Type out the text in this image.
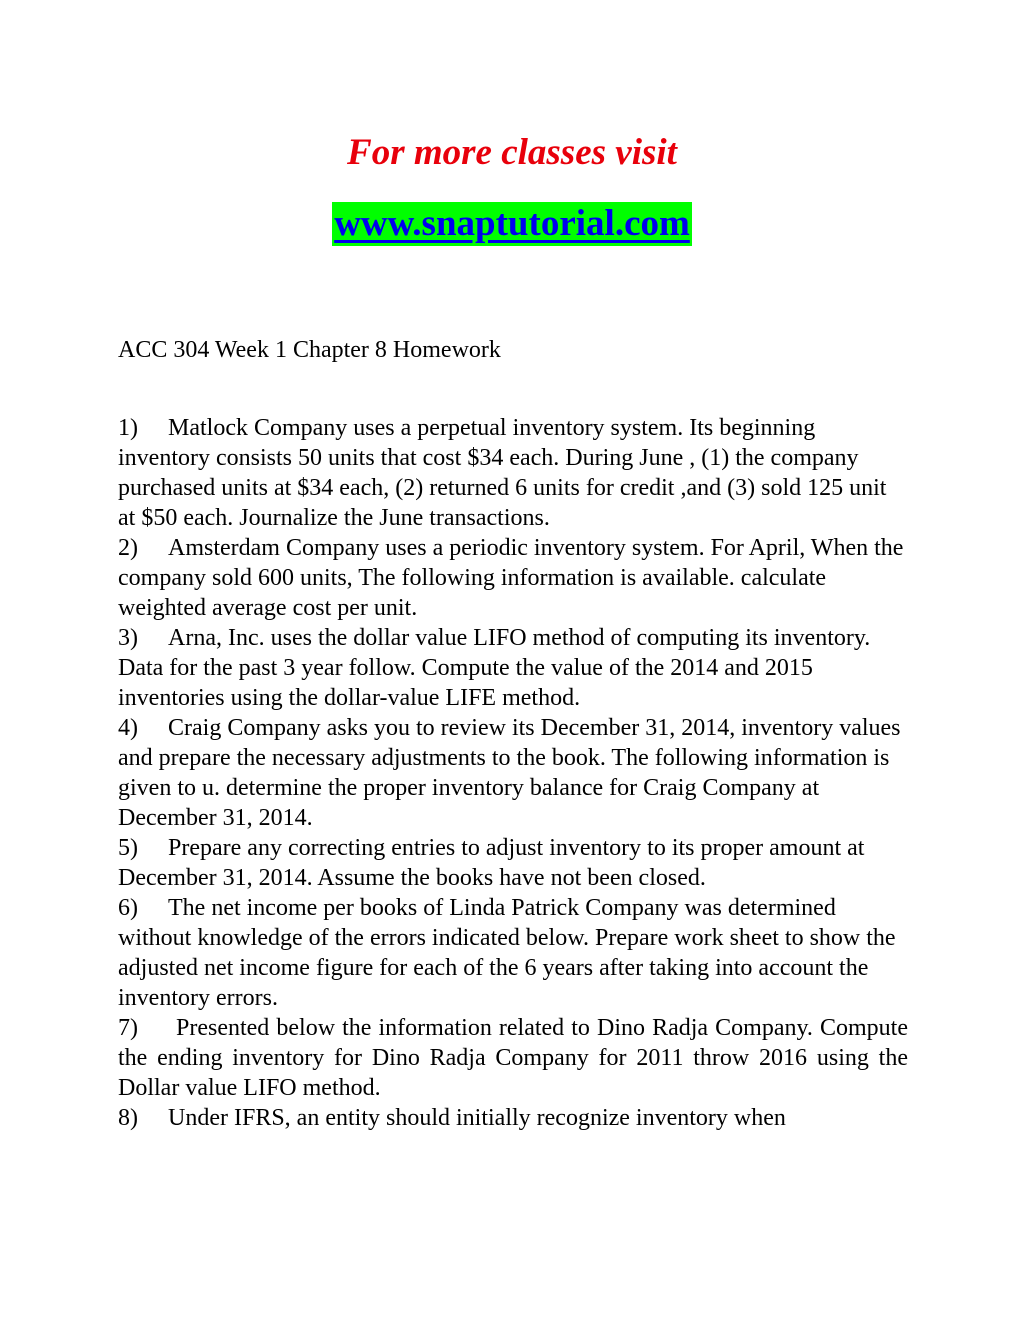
For more classes visit
www.snaptutorial.com
ACC 304 Week 1 Chapter 8 Homework
1) Matlock Company uses a perpetual inventory system. Its beginning inventory consists 50 units that cost $34 each. During June , (1) the company purchased units at $34 each, (2) returned 6 units for credit ,and (3) sold 125 unit at $50 each. Journalize the June transactions.
2) Amsterdam Company uses a periodic inventory system. For April, When the company sold 600 units, The following information is available. calculate weighted average cost per unit.
3) Arna, Inc. uses the dollar value LIFO method of computing its inventory. Data for the past 3 year follow. Compute the value of the 2014 and 2015 inventories using the dollar-value LIFE method.
4) Craig Company asks you to review its December 31, 2014, inventory values and prepare the necessary adjustments to the book. The following information is given to u. determine the proper inventory balance for Craig Company at December 31, 2014.
5) Prepare any correcting entries to adjust inventory to its proper amount at December 31, 2014. Assume the books have not been closed.
6) The net income per books of Linda Patrick Company was determined without knowledge of the errors indicated below. Prepare work sheet to show the adjusted net income figure for each of the 6 years after taking into account the inventory errors.
7) Presented below the information related to Dino Radja Company. Compute the ending inventory for Dino Radja Company for 2011 throw 2016 using the Dollar value LIFO method.
8) Under IFRS, an entity should initially recognize inventory when
